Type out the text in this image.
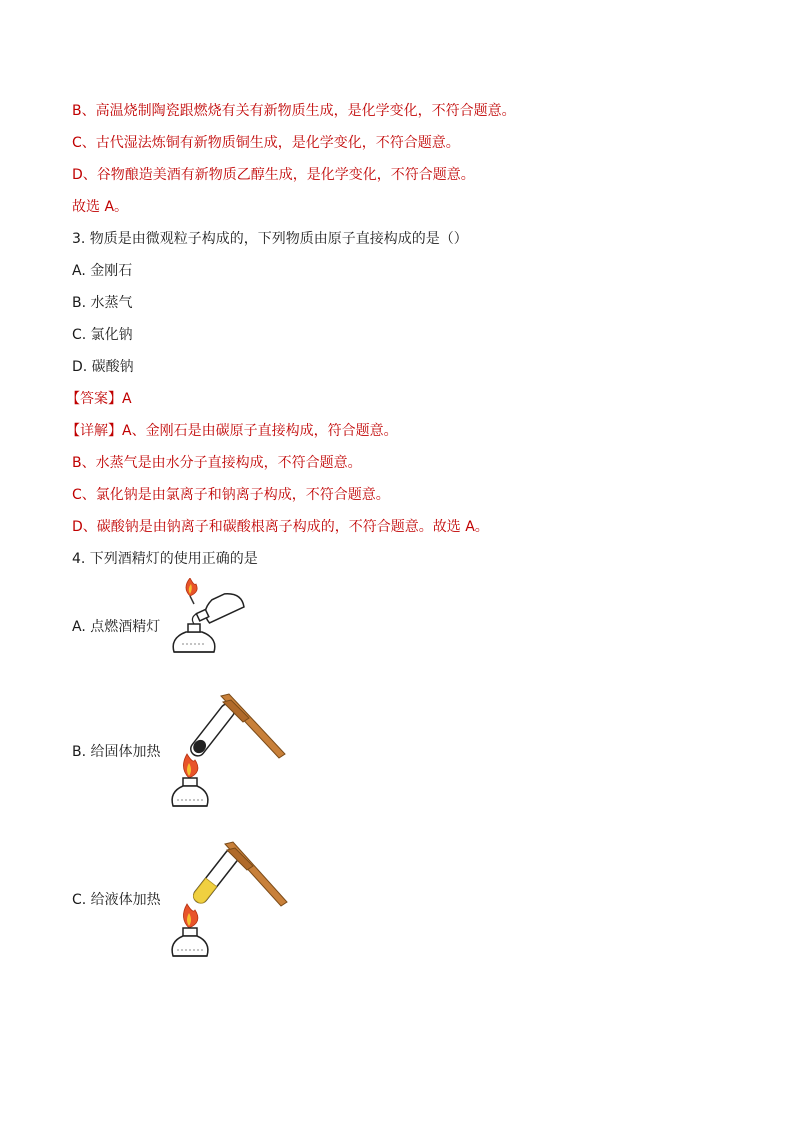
B、高温烧制陶瓷跟燃烧有关有新物质生成，是化学变化，不符合题意。
C、古代湿法炼铜有新物质铜生成，是化学变化，不符合题意。
D、谷物酿造美酒有新物质乙醇生成，是化学变化，不符合题意。
故选 A。
3. 物质是由微观粒子构成的，下列物质由原子直接构成的是（）
A. 金刚石
B. 水蒸气
C. 氯化钠
D. 碳酸钠
【答案】A
【详解】A、金刚石是由碳原子直接构成，符合题意。
B、水蒸气是由水分子直接构成，不符合题意。
C、氯化钠是由氯离子和钠离子构成，不符合题意。
D、碳酸钠是由钠离子和碳酸根离子构成的，不符合题意。故选 A。
4. 下列酒精灯的使用正确的是
A. 点燃酒精灯
B. 给固体加热
C. 给液体加热
